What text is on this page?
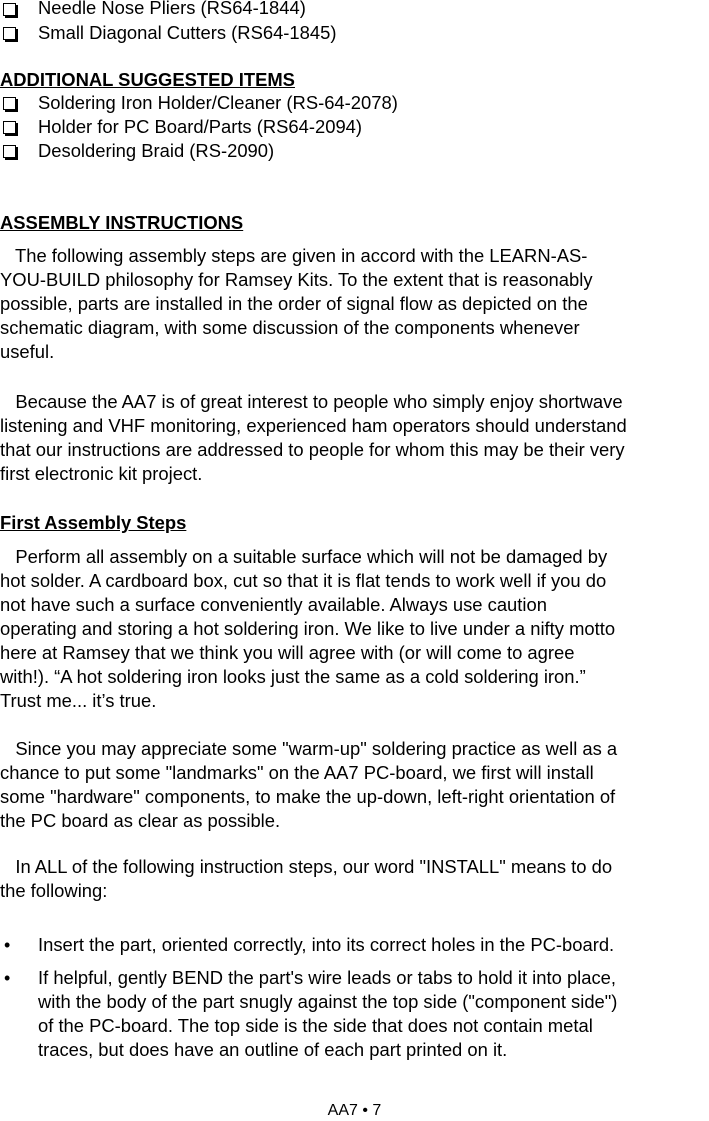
Needle Nose Pliers (RS64-1844)
Small Diagonal Cutters (RS64-1845)
ADDITIONAL SUGGESTED ITEMS
Soldering Iron Holder/Cleaner (RS-64-2078)
Holder for PC Board/Parts (RS64-2094)
Desoldering Braid (RS-2090)
ASSEMBLY INSTRUCTIONS
The following assembly steps are given in accord with the LEARN-AS-
YOU-BUILD philosophy for Ramsey Kits. To the extent that is reasonably
possible, parts are installed in the order of signal flow as depicted on the
schematic diagram, with some discussion of the components whenever
useful.
Because the AA7 is of great interest to people who simply enjoy shortwave
listening and VHF monitoring, experienced ham operators should understand
that our instructions are addressed to people for whom this may be their very
first electronic kit project.
First Assembly Steps
Perform all assembly on a suitable surface which will not be damaged by
hot solder. A cardboard box, cut so that it is flat tends to work well if you do
not have such a surface conveniently available. Always use caution
operating and storing a hot soldering iron. We like to live under a nifty motto
here at Ramsey that we think you will agree with (or will come to agree
with!). “A hot soldering iron looks just the same as a cold soldering iron.”
Trust me... it’s true.
Since you may appreciate some "warm-up" soldering practice as well as a
chance to put some "landmarks" on the AA7 PC-board, we first will install
some "hardware" components, to make the up-down, left-right orientation of
the PC board as clear as possible.
In ALL of the following instruction steps, our word "INSTALL" means to do
the following:
• Insert the part, oriented correctly, into its correct holes in the PC-board.
• If helpful, gently BEND the part's wire leads or tabs to hold it into place,
with the body of the part snugly against the top side ("component side")
of the PC-board. The top side is the side that does not contain metal
traces, but does have an outline of each part printed on it.
AA7 • 7
